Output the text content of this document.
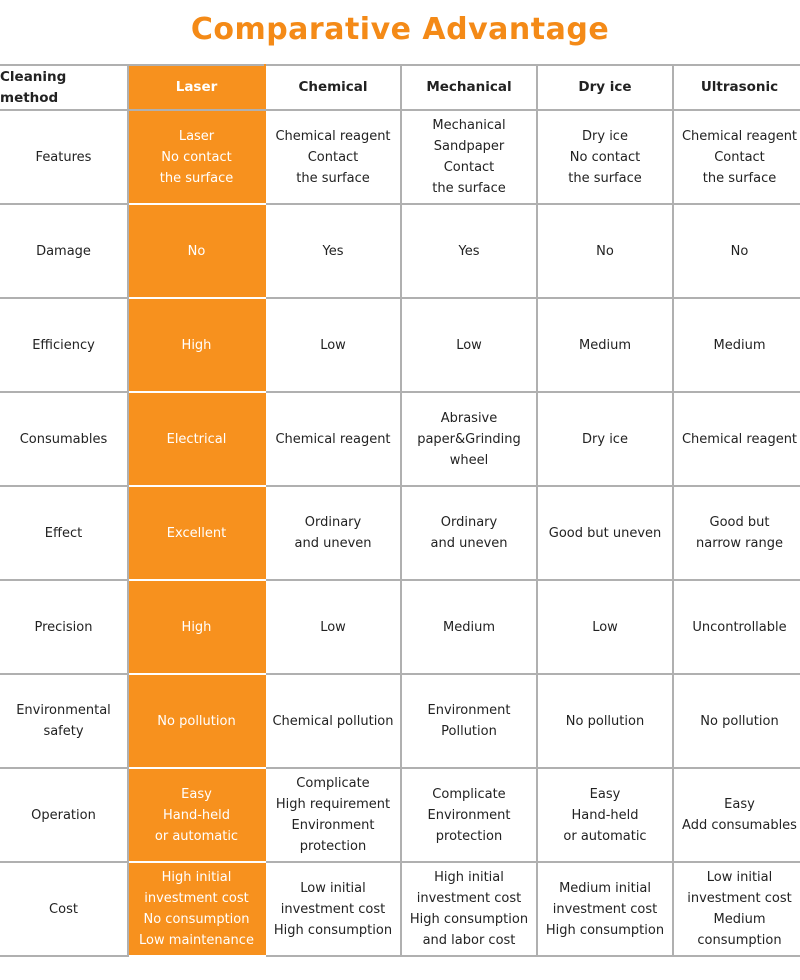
Comparative Advantage
Cleaning method	Laser	Chemical	Mechanical	Dry ice	Ultrasonic

Features	Laser
No contact
the surface	Chemical reagent
Contact
the surface	Mechanical
Sandpaper
Contact
the surface	Dry ice
No contact
the surface	Chemical reagent
Contact
the surface

Damage	No	Yes	Yes	No	No

Efficiency	High	Low	Low	Medium	Medium

Consumables	Electrical	Chemical reagent	Abrasive
paper&Grinding
wheel	Dry ice	Chemical reagent

Effect	Excellent	Ordinary
and uneven	Ordinary
and uneven	Good but uneven	Good but
narrow range

Precision	High	Low	Medium	Low	Uncontrollable

Environmental
safety	No pollution	Chemical pollution	Environment
Pollution	No pollution	No pollution

Operation	Easy
Hand-held
or automatic	Complicate
High requirement
Environment
protection	Complicate
Environment
protection	Easy
Hand-held
or automatic	Easy
Add consumables

Cost	High initial
investment cost
No consumption
Low maintenance	Low initial
investment cost
High consumption	High initial
investment cost
High consumption
and labor cost	Medium initial
investment cost
High consumption	Low initial
investment cost
Medium
consumption
